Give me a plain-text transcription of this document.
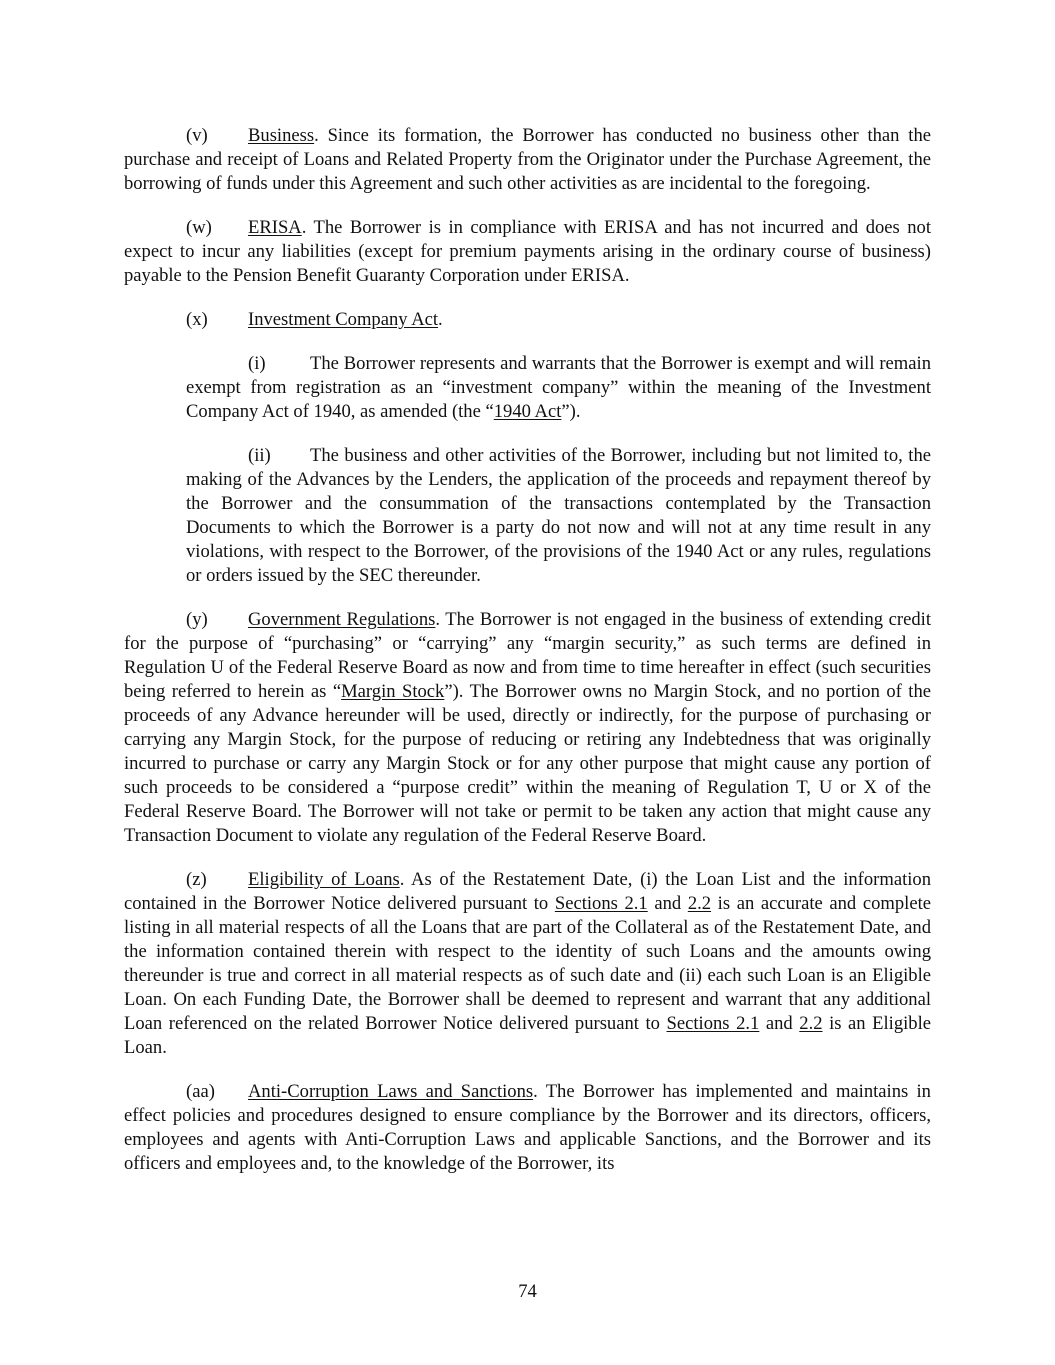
(v) Business. Since its formation, the Borrower has conducted no business other than the purchase and receipt of Loans and Related Property from the Originator under the Purchase Agreement, the borrowing of funds under this Agreement and such other activities as are incidental to the foregoing.

(w) ERISA. The Borrower is in compliance with ERISA and has not incurred and does not expect to incur any liabilities (except for premium payments arising in the ordinary course of business) payable to the Pension Benefit Guaranty Corporation under ERISA.

(x) Investment Company Act.

(i) The Borrower represents and warrants that the Borrower is exempt and will remain exempt from registration as an “investment company” within the meaning of the Investment Company Act of 1940, as amended (the “1940 Act”).

(ii) The business and other activities of the Borrower, including but not limited to, the making of the Advances by the Lenders, the application of the proceeds and repayment thereof by the Borrower and the consummation of the transactions contemplated by the Transaction Documents to which the Borrower is a party do not now and will not at any time result in any violations, with respect to the Borrower, of the provisions of the 1940 Act or any rules, regulations or orders issued by the SEC thereunder.

(y) Government Regulations. The Borrower is not engaged in the business of extending credit for the purpose of “purchasing” or “carrying” any “margin security,” as such terms are defined in Regulation U of the Federal Reserve Board as now and from time to time hereafter in effect (such securities being referred to herein as “Margin Stock”). The Borrower owns no Margin Stock, and no portion of the proceeds of any Advance hereunder will be used, directly or indirectly, for the purpose of purchasing or carrying any Margin Stock, for the purpose of reducing or retiring any Indebtedness that was originally incurred to purchase or carry any Margin Stock or for any other purpose that might cause any portion of such proceeds to be considered a “purpose credit” within the meaning of Regulation T, U or X of the Federal Reserve Board. The Borrower will not take or permit to be taken any action that might cause any Transaction Document to violate any regulation of the Federal Reserve Board.

(z) Eligibility of Loans. As of the Restatement Date, (i) the Loan List and the information contained in the Borrower Notice delivered pursuant to Sections 2.1 and 2.2 is an accurate and complete listing in all material respects of all the Loans that are part of the Collateral as of the Restatement Date, and the information contained therein with respect to the identity of such Loans and the amounts owing thereunder is true and correct in all material respects as of such date and (ii) each such Loan is an Eligible Loan. On each Funding Date, the Borrower shall be deemed to represent and warrant that any additional Loan referenced on the related Borrower Notice delivered pursuant to Sections 2.1 and 2.2 is an Eligible Loan.

(aa) Anti-Corruption Laws and Sanctions. The Borrower has implemented and maintains in effect policies and procedures designed to ensure compliance by the Borrower and its directors, officers, employees and agents with Anti-Corruption Laws and applicable Sanctions, and the Borrower and its officers and employees and, to the knowledge of the Borrower, its

74
